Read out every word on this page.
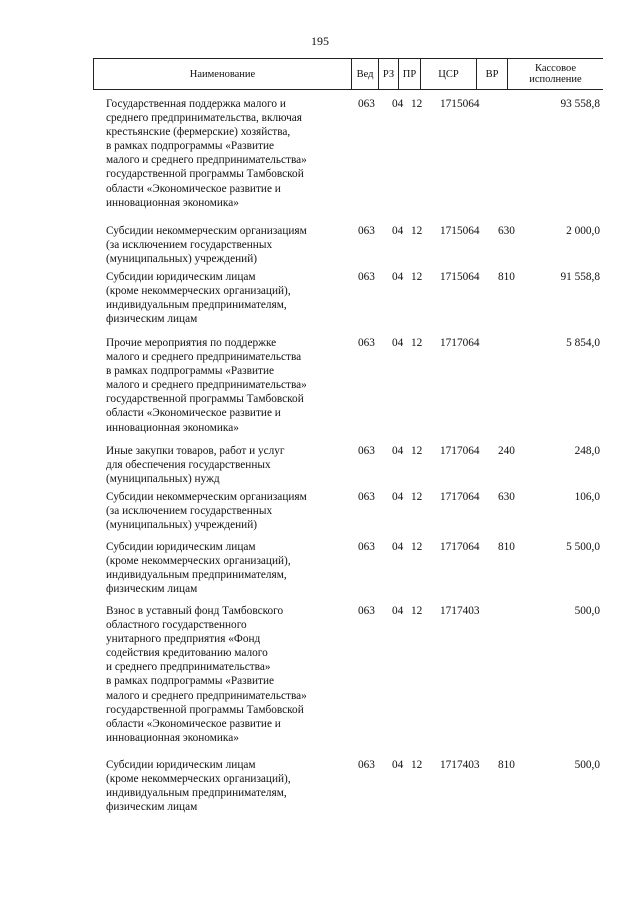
195
Наименование	Вед РЗ ПР	ЦСР	ВР	Кассовое исполнение
Государственная поддержка малого и
среднего предпринимательства, включая
крестьянские (фермерские) хозяйства,
в рамках подпрограммы «Развитие
малого и среднего предпринимательства»
государственной программы Тамбовской
области «Экономическое развитие и
инновационная экономика»
063 04 12 1715064	93 558,8
Субсидии некоммерческим организациям
(за исключением государственных
(муниципальных) учреждений)
063 04 12 1715064 630	2 000,0
Субсидии юридическим лицам
(кроме некоммерческих организаций),
индивидуальным предпринимателям,
физическим лицам
063 04 12 1715064 810	91 558,8
Прочие мероприятия по поддержке
малого и среднего предпринимательства
в рамках подпрограммы «Развитие
малого и среднего предпринимательства»
государственной программы Тамбовской
области «Экономическое развитие и
инновационная экономика»
063 04 12 1717064	5 854,0
Иные закупки товаров, работ и услуг
для обеспечения государственных
(муниципальных) нужд
063 04 12 1717064 240	248,0
Субсидии некоммерческим организациям
(за исключением государственных
(муниципальных) учреждений)
063 04 12 1717064 630	106,0
Субсидии юридическим лицам
(кроме некоммерческих организаций),
индивидуальным предпринимателям,
физическим лицам
063 04 12 1717064 810	5 500,0
Взнос в уставный фонд Тамбовского
областного государственного
унитарного предприятия «Фонд
содействия кредитованию малого
и среднего предпринимательства»
в рамках подпрограммы «Развитие
малого и среднего предпринимательства»
государственной программы Тамбовской
области «Экономическое развитие и
инновационная экономика»
063 04 12 1717403	500,0
Субсидии юридическим лицам
(кроме некоммерческих организаций),
индивидуальным предпринимателям,
физическим лицам
063 04 12 1717403 810	500,0
